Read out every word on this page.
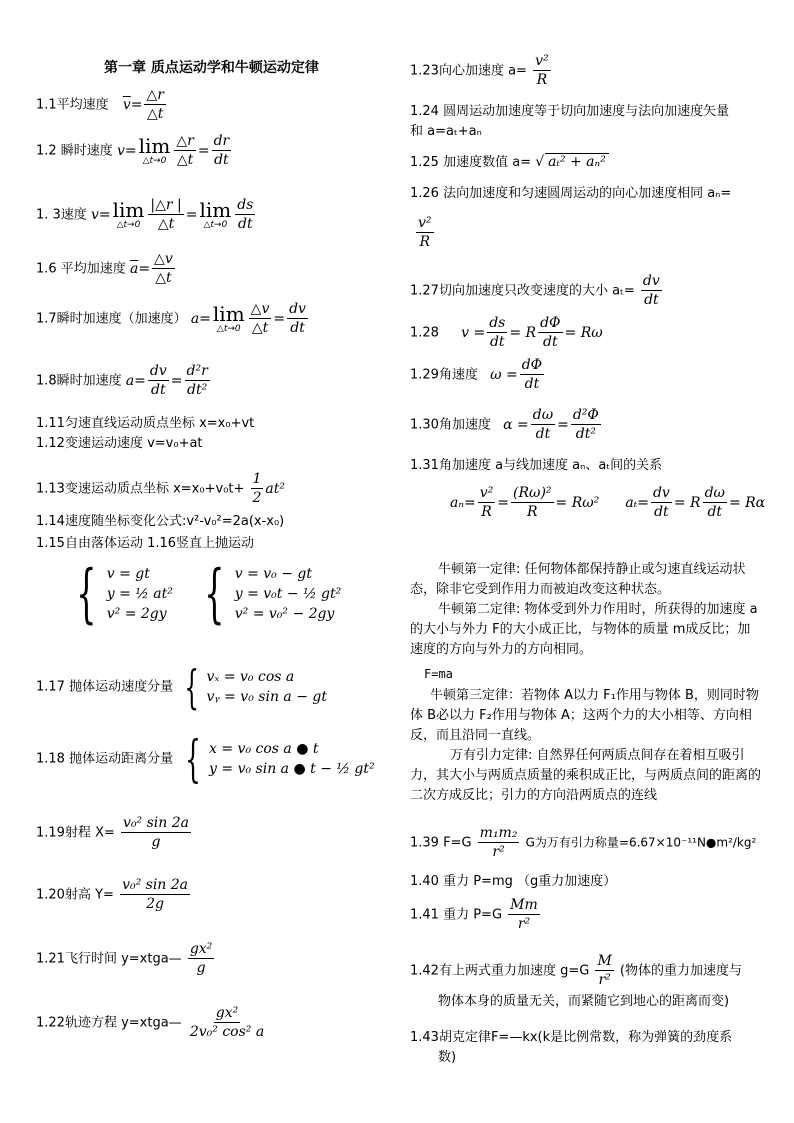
第一章 质点运动学和牛顿运动定律
1.1平均速度 $\overline{v}= \frac{\triangle r}{\triangle t}$
1.2 瞬时速度 v= lim
△t→0 $\frac{\triangle r}{\triangle t} = \frac{dr}{dt}$
1. 3速度 v= lim
△t→0 $\frac{|\triangle r |}{\triangle t} = \lim$
△t→0 $\frac{ds}{dt}$
1.6 平均加速度 $\overline{a}= \frac{\triangle v}{\triangle t}$
1.7瞬时加速度（加速度） a= lim
△t→0 $\frac{\triangle v}{\triangle t} = \frac{dv}{dt}$
1.8瞬时加速度 $a= \frac{dv}{dt} = \frac{\text{d²r}}{\text{dt²}}$
1.11匀速直线运动质点坐标 x=x₀+vt
1.12变速运动速度 v=v₀+at
1.13变速运动质点坐标 $x=x_0+v_0t+ \frac{1}{2} at^2$
1.14速度随坐标变化公式:v²-v₀²=2a(x-x₀)
1.15自由落体运动 1.16竖直上抛运动
{ v = gt
y = ½ at²
v² = 2gy { v = v₀ − gt
y = v₀t − ½ gt²
v² = v₀² − 2gy
1.17 抛体运动速度分量 { vₓ = v₀ cos a
vᵧ = v₀ sin a − gt
1.18 抛体运动距离分量 { x = v₀ cos a ● t
y = v₀ sin a ● t − ½ gt²
1.19射程 $X= \frac{\text{v₀² sin 2a}}{g}$
1.20射高 $Y= \frac{\text{v₀² sin 2a}}{2g}$
1.21飞行时间 y=xtga— $\frac{\text{gx²}}{g}$
1.22轨迹方程 y=xtga— $\frac{\text{gx²}}{\text{2v₀² cos² a}}$
1.23向心加速度 $a= \frac{\text{v²}}{R}$
1.24 圆周运动加速度等于切向加速度与法向加速度矢量
和 a=aₜ+aₙ
1.25 加速度数值 a= √ aₜ² + aₙ²
1.26 法向加速度和匀速圆周运动的向心加速度相同 aₙ=
$\frac{\text{v²}}{R}$
1.27切向加速度只改变速度的大小 $a_t= \frac{dv}{dt}$
1.28 $v = \frac{ds}{dt} = R \frac{d\Phi}{dt} = R\omega$
1.29角速度 $\omega = \frac{d\Phi}{dt}$
1.30角加速度 $\alpha = \frac{d\omega}{dt} = \frac{\text{d²Φ}}{\text{dt²}}$
1.31角加速度 a与线加速度 aₙ、aₜ间的关系
$a_n= \frac{\text{v²}}{R} = \frac{\text{(Rω)²}}{R} = R\omega^2$ $a_t= \frac{dv}{dt} = R \frac{d\omega}{dt} = R\alpha$
牛顿第一定律: 任何物体都保持静止或匀速直线运动状态，除非它受到作用力而被迫改变这种状态。
牛顿第二定律: 物体受到外力作用时，所获得的加速度 a的大小与外力 F的大小成正比，与物体的质量 m成反比；加速度的方向与外力的方向相同。
F=ma
牛顿第三定律：若物体 A以力 F₁作用与物体 B，则同时物体 B必以力 F₂作用与物体 A；这两个力的大小相等、方向相反，而且沿同一直线。
万有引力定律: 自然界任何两质点间存在着相互吸引力，其大小与两质点质量的乘积成正比，与两质点间的距离的二次方成反比；引力的方向沿两质点的连线
1.39 $F=G \frac{\text{m₁m₂}}{\text{r²}}$ G为万有引力称量=6.67×10⁻¹¹N●m²/kg²
1.40 重力 P=mg （g重力加速度）
1.41 重力 $P=G \frac{Mm}{\text{r²}}$
1.42有上两式重力加速度 $g=G \frac{M}{\text{r²}}$ (物体的重力加速度与
物体本身的质量无关，而紧随它到地心的距离而变)
1.43胡克定律F=—kx(k是比例常数，称为弹簧的劲度系
数)
